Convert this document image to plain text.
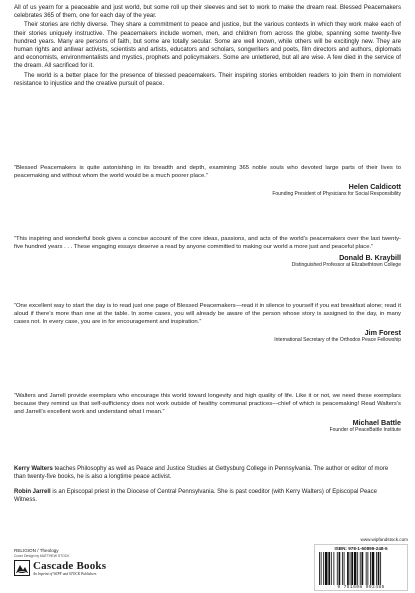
All of us yearn for a peaceable and just world, but some roll up their sleeves and set to work to make the dream real. Blessed Peacemakers celebrates 365 of them, one for each day of the year.

Their stories are richly diverse. They share a commitment to peace and justice, but the various contexts in which they work make each of their stories uniquely instructive. The peacemakers include women, men, and children from across the globe, spanning some twenty-five hundred years. Many are persons of faith, but some are totally secular. Some are well known, while others will be excitingly new. They are human rights and antiwar activists, scientists and artists, educators and scholars, songwriters and poets, film directors and authors, diplomats and economists, environmentalists and mystics, prophets and policymakers. Some are unlettered, but all are wise. A few died in the service of the dream. All sacrificed for it.

The world is a better place for the presence of blessed peacemakers. Their inspiring stories embolden readers to join them in nonviolent resistance to injustice and the creative pursuit of peace.

“Blessed Peacemakers is quite astonishing in its breadth and depth, examining 365 noble souls who devoted large parts of their lives to peacemaking and without whom the world would be a much poorer place.”
Helen Caldicott
Founding President of Physicians for Social Responsibility
“This inspiring and wonderful book gives a concise account of the core ideas, passions, and acts of the world’s peacemakers over the last twenty-five hundred years . . . These engaging essays deserve a read by anyone committed to making our world a more just and peaceful place.”
Donald B. Kraybill
Distinguished Professor at Elizabethtown College
“One excellent way to start the day is to read just one page of Blessed Peacemakers—read it in silence to yourself if you eat breakfast alone; read it aloud if there’s more than one at the table. In some cases, you will already be aware of the person whose story is assigned to the day, in many cases not. In every case, you are in for encouragement and inspiration.”
Jim Forest
International Secretary of the Orthodox Peace Fellowship
“Walters and Jarrell provide exemplars who encourage this world toward longevity and high quality of life. Like it or not, we need these exemplars because they remind us that self-sufficiency does not work outside of healthy communal practices—chief of which is peacemaking! Read Walters’s and Jarrell’s excellent work and understand what I mean.”
Michael Battle
Founder of PeaceBattle Institute

Kerry Walters teaches Philosophy as well as Peace and Justice Studies at Gettysburg College in Pennsylvania. The author or editor of more than twenty-five books, he is also a longtime peace activist.

Robin Jarrell is an Episcopal priest in the Diocese of Central Pennsylvania. She is past coeditor (with Kerry Walters) of Episcopal Peace Witness.

RELIGION / Theology
Cover Design by MATTHEW STOCK
Cascade Books
An Imprint of WIPF and STOCK Publishers
www.wipfandstock.com
ISBN: 978-1-60899-248-5
9 781608 992485
